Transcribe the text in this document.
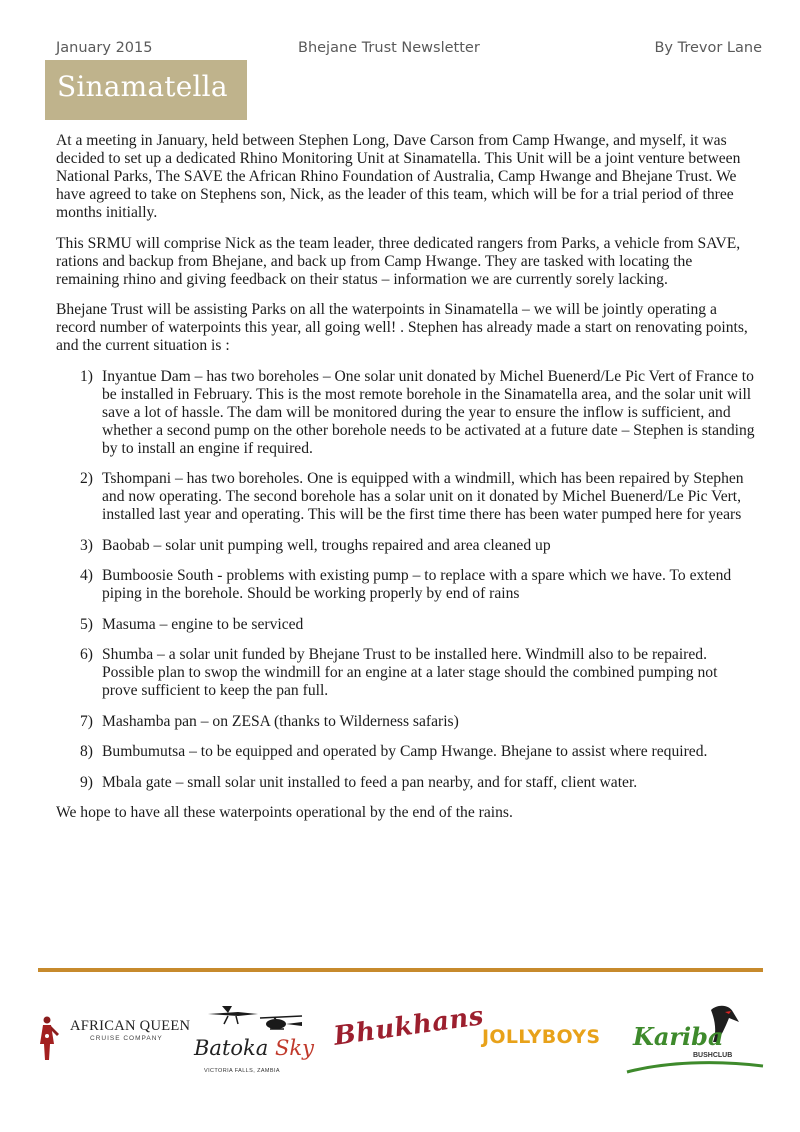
January 2015	Bhejane Trust Newsletter	By Trevor Lane
Sinamatella

At a meeting in January, held between Stephen Long, Dave Carson from Camp Hwange, and myself, it was decided to set up a dedicated Rhino Monitoring Unit at Sinamatella. This Unit will be a joint venture between National Parks, The SAVE the African Rhino Foundation of Australia, Camp Hwange and Bhejane Trust. We have agreed to take on Stephens son, Nick, as the leader of this team, which will be for a trial period of three months initially.

This SRMU will comprise Nick as the team leader, three dedicated rangers from Parks, a vehicle from SAVE, rations and backup from Bhejane, and back up from Camp Hwange. They are tasked with locating the remaining rhino and giving feedback on their status – information we are currently sorely lacking.

Bhejane Trust will be assisting Parks on all the waterpoints in Sinamatella – we will be jointly operating a record number of waterpoints this year, all going well! . Stephen has already made a start on renovating points, and the current situation is :

1) Inyantue Dam – has two boreholes – One solar unit donated by Michel Buenerd/Le Pic Vert of France to be installed in February. This is the most remote borehole in the Sinamatella area, and the solar unit will save a lot of hassle. The dam will be monitored during the year to ensure the inflow is sufficient, and whether a second pump on the other borehole needs to be activated at a future date – Stephen is standing by to install an engine if required.
2) Tshompani – has two boreholes. One is equipped with a windmill, which has been repaired by Stephen and now operating. The second borehole has a solar unit on it donated by Michel Buenerd/Le Pic Vert, installed last year and operating. This will be the first time there has been water pumped here for years
3) Baobab – solar unit pumping well, troughs repaired and area cleaned up
4) Bumboosie South - problems with existing pump – to replace with a spare which we have. To extend piping in the borehole. Should be working properly by end of rains
5) Masuma – engine to be serviced
6) Shumba – a solar unit funded by Bhejane Trust to be installed here. Windmill also to be repaired. Possible plan to swop the windmill for an engine at a later stage should the combined pumping not prove sufficient to keep the pan full.
7) Mashamba pan – on ZESA (thanks to Wilderness safaris)
8) Bumbumutsa – to be equipped and operated by Camp Hwange. Bhejane to assist where required.
9) Mbala gate – small solar unit installed to feed a pan nearby, and for staff, client water.

We hope to have all these waterpoints operational by the end of the rains.

AFRICAN QUEEN
CRUISE COMPANY Batoka Sky
VICTORIA FALLS, ZAMBIA
Bhukhans
JOLLYBOYS	Kariba
BUSHCLUB
